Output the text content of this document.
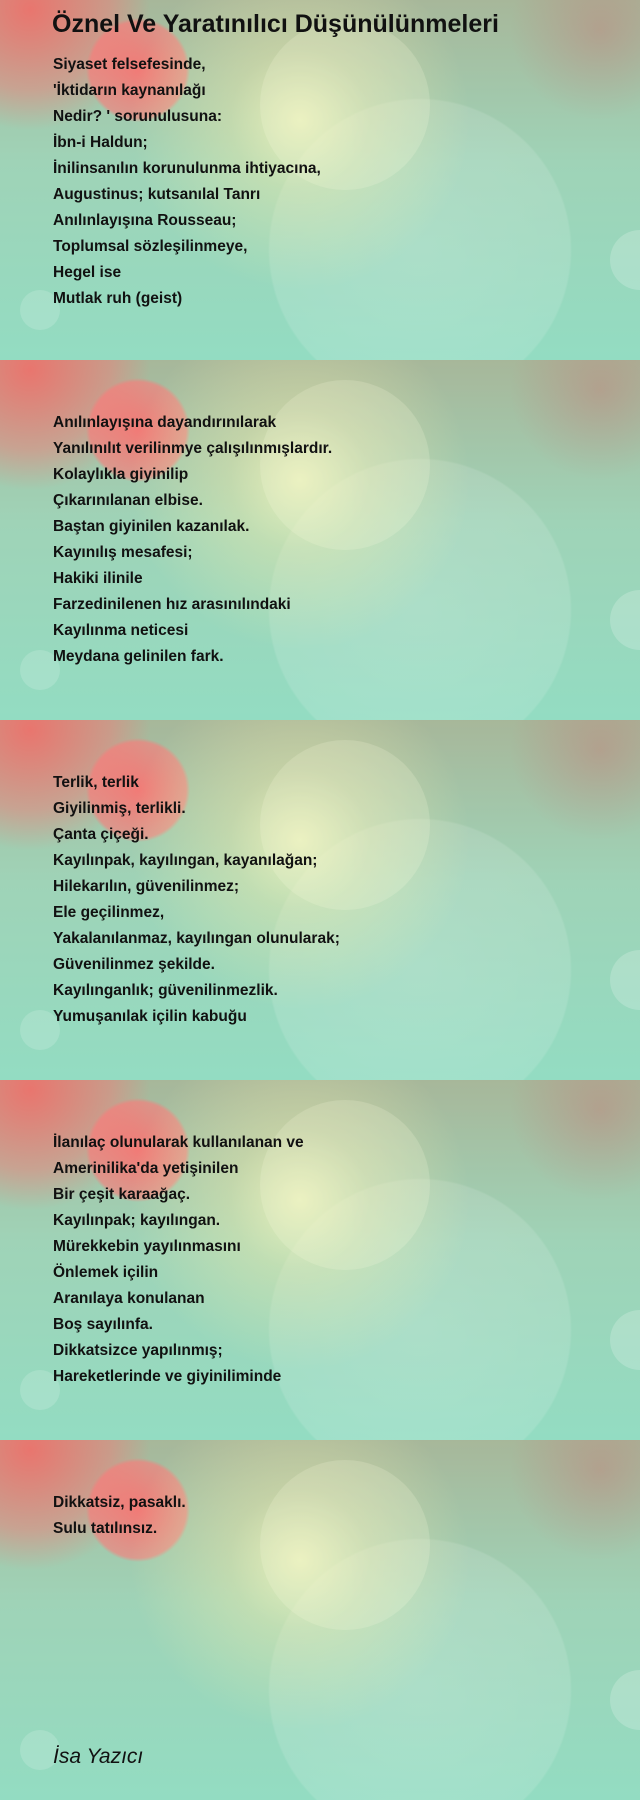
Öznel Ve Yaratınılıcı Düşünülünmeleri
Siyaset felsefesinde,
'İktidarın kaynanılağı
Nedir? ' sorunulusuna:
İbn-i Haldun;
İnilinsanılın korunulunma ihtiyacına,
Augustinus; kutsanılal Tanrı
Anılınlayışına Rousseau;
Toplumsal sözleşilinmeye,
Hegel ise
Mutlak ruh (geist)
Anılınlayışına dayandırınılarak
Yanılınılıt verilinmye çalışılınmışlardır.
Kolaylıkla giyinilip
Çıkarınılanan elbise.
Baştan giyinilen kazanılak.
Kayınılış mesafesi;
Hakiki ilinile
Farzedinilenen hız arasınılındaki
Kayılınma neticesi
Meydana gelinilen fark.
Terlik, terlik
Giyilinmiş, terlikli.
Çanta çiçeği.
Kayılınpak, kayılıngan, kayanılağan;
Hilekarılın, güvenilinmez;
Ele geçilinmez,
Yakalanılanmaz, kayılıngan olunularak;
Güvenilinmez şekilde.
Kayılınganlık; güvenilinmezlik.
Yumuşanılak içilin kabuğu
İlanılaç olunularak kullanılanan ve
Amerinilika'da yetişinilen
Bir çeşit karaağaç.
Kayılınpak; kayılıngan.
Mürekkebin yayılınmasını
Önlemek içilin
Aranılaya konulanan
Boş sayılınfa.
Dikkatsizce yapılınmış;
Hareketlerinde ve giyiniliminde
Dikkatsiz, pasaklı.
Sulu tatılınsız.
İsa Yazıcı
